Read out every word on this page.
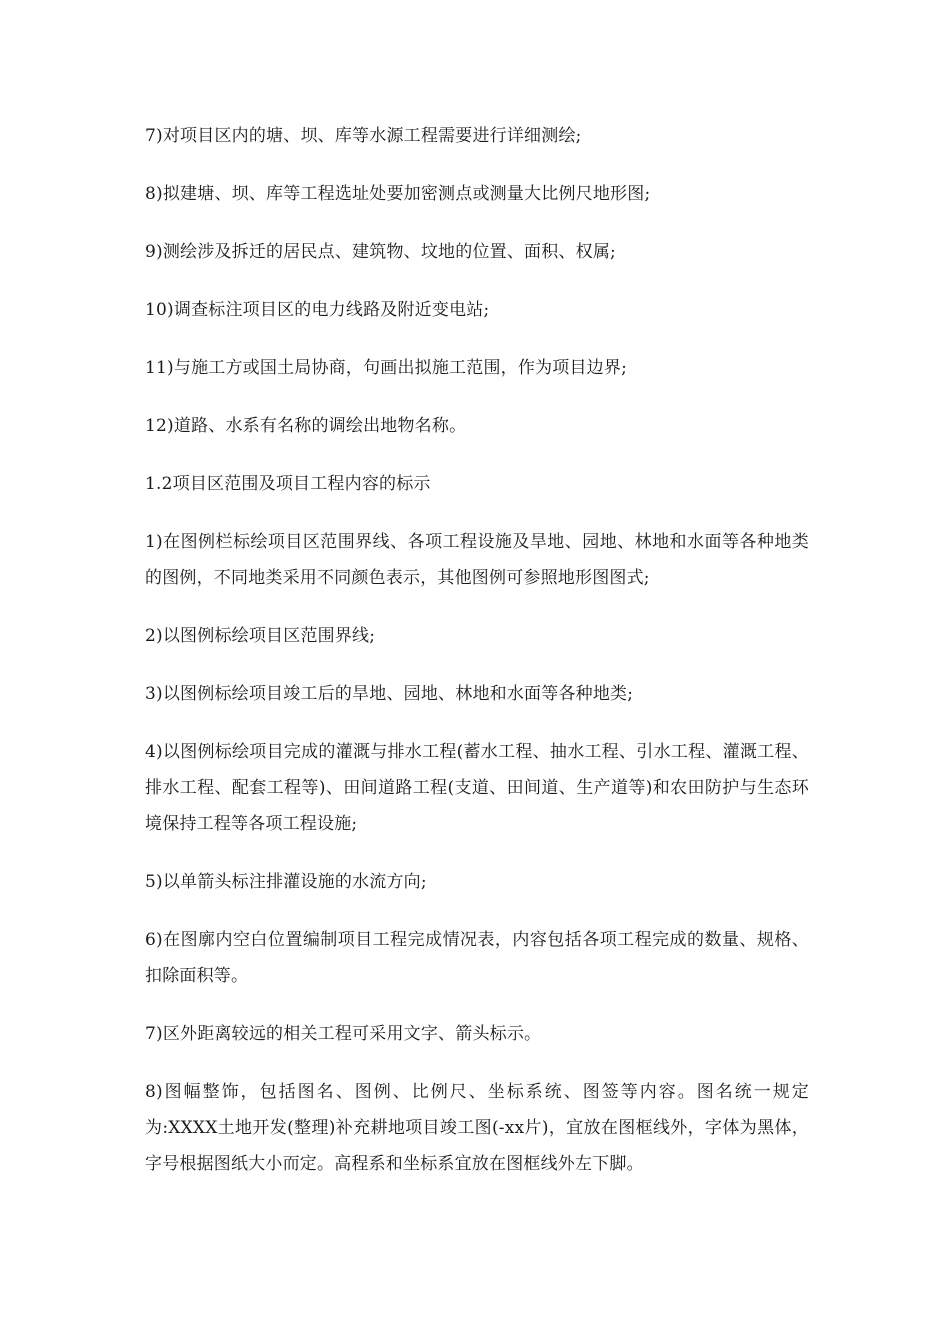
7)对项目区内的塘、坝、库等水源工程需要进行详细测绘;

8)拟建塘、坝、库等工程选址处要加密测点或测量大比例尺地形图;

9)测绘涉及拆迁的居民点、建筑物、坟地的位置、面积、权属;

10)调查标注项目区的电力线路及附近变电站;

11)与施工方或国土局协商，句画出拟施工范围，作为项目边界;

12)道路、水系有名称的调绘出地物名称。

1.2项目区范围及项目工程内容的标示

1)在图例栏标绘项目区范围界线、各项工程设施及旱地、园地、林地和水面等各种地类的图例，不同地类采用不同颜色表示，其他图例可参照地形图图式;

2)以图例标绘项目区范围界线;

3)以图例标绘项目竣工后的旱地、园地、林地和水面等各种地类;

4)以图例标绘项目完成的灌溉与排水工程(蓄水工程、抽水工程、引水工程、灌溉工程、排水工程、配套工程等)、田间道路工程(支道、田间道、生产道等)和农田防护与生态环境保持工程等各项工程设施;

5)以单箭头标注排灌设施的水流方向;

6)在图廓内空白位置编制项目工程完成情况表，内容包括各项工程完成的数量、规格、扣除面积等。

7)区外距离较远的相关工程可采用文字、箭头标示。

8)图幅整饰，包括图名、图例、比例尺、坐标系统、图签等内容。图名统一规定为:XXXX土地开发(整理)补充耕地项目竣工图(-xx片)，宜放在图框线外，字体为黑体，字号根据图纸大小而定。高程系和坐标系宜放在图框线外左下脚。
